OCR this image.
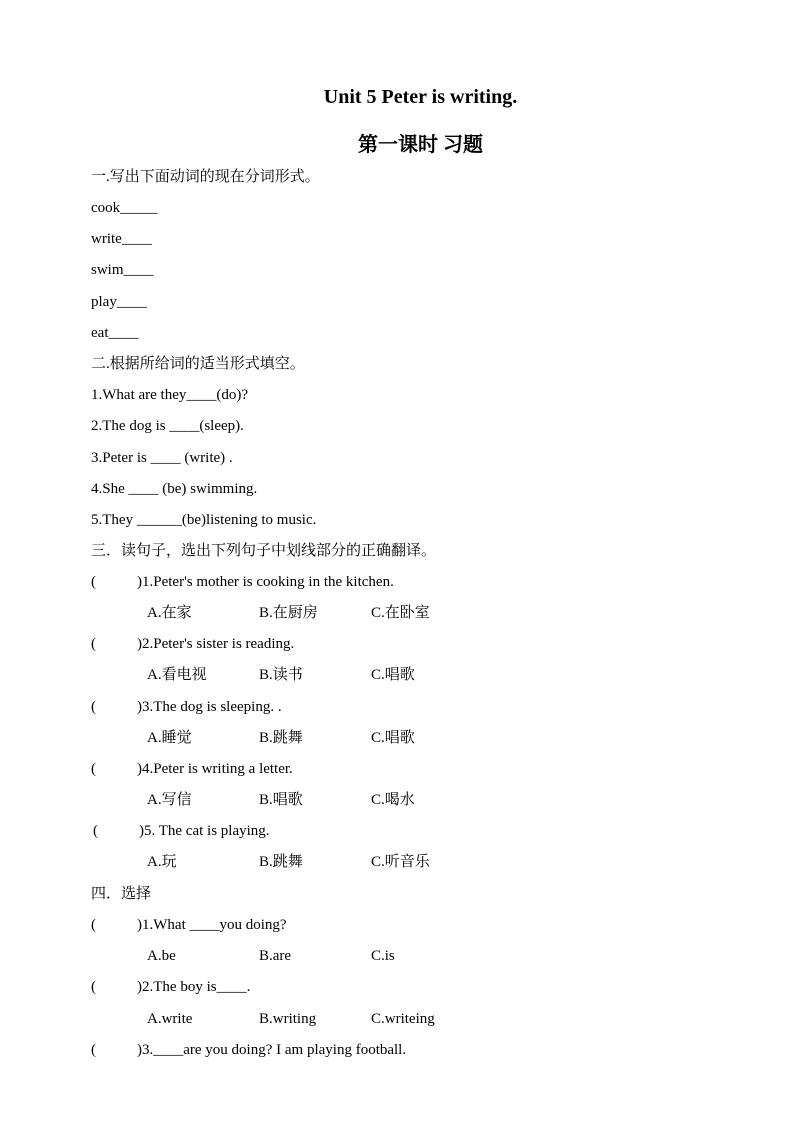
Unit 5 Peter is writing.
第一课时 习题
一.写出下面动词的现在分词形式。
cook_____
write____
swim____
play____
eat____
二.根据所给词的适当形式填空。
1.What are they____(do)?
2.The dog is ____(sleep).
3.Peter is ____ (write) .
4.She ____ (be) swimming.
5.They ______(be)listening to music.
三．读句子，选出下列句子中划线部分的正确翻译。
(	)1.Peter's mother is cooking in the kitchen.
A.在家	B.在厨房	C.在卧室
(	)2.Peter's sister is reading.
A.看电视	B.读书	C.唱歌
(	)3.The dog is sleeping. .
A.睡觉	B.跳舞	C.唱歌
(	)4.Peter is writing a letter.
A.写信	B.唱歌	C.喝水
(	)5. The cat is playing.
A.玩	B.跳舞	C.听音乐
四．选择
(	)1.What ____you doing?
A.be	B.are	C.is
(	)2.The boy is____.
A.write	B.writing	C.writeing
(	)3.____are you doing? I am playing football.
